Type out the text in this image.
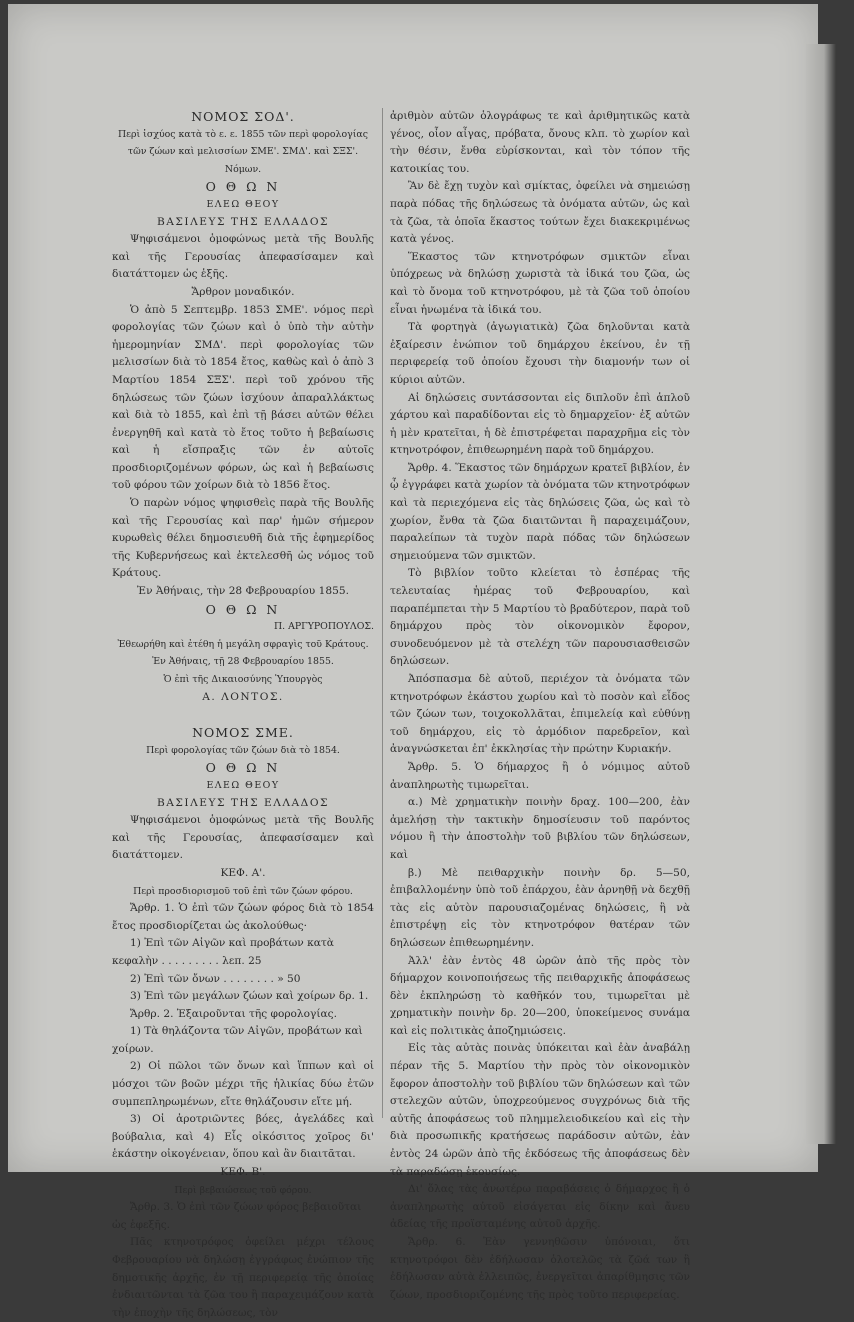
ΝΟΜΟΣ ΣΟΔ'.

Περὶ ἰσχύος κατὰ τὸ ε. ε. 1855 τῶν περὶ φορολογίας τῶν ζώων καὶ μελισσίων ΣΜΕ'. ΣΜΔ'. καὶ ΣΞΣ'. Νόμων.

Ο Θ Ω Ν

ΕΛΕΩ ΘΕΟΥ

ΒΑΣΙΛΕΥΣ ΤΗΣ ΕΛΛΑΔΟΣ

Ψηφισάμενοι ὁμοφώνως μετὰ τῆς Βουλῆς καὶ τῆς Γερουσίας ἀπεφασίσαμεν καὶ διατάττομεν ὡς ἑξῆς.

Ἄρθρον μοναδικόν.

Ὁ ἀπὸ 5 Σεπτεμβρ. 1853 ΣΜΕ'. νόμος περὶ φορολογίας τῶν ζώων καὶ ὁ ὑπὸ τὴν αὐτὴν ἡμερομηνίαν ΣΜΔ'. περὶ φορολογίας τῶν μελισσίων διὰ τὸ 1854 ἔτος, καθὼς καὶ ὁ ἀπὸ 3 Μαρτίου 1854 ΣΞΣ'. περὶ τοῦ χρόνου τῆς δηλώσεως τῶν ζώων ἰσχύουν ἀπαραλλάκτως καὶ διὰ τὸ 1855, καὶ ἐπὶ τῇ βάσει αὐτῶν θέλει ἐνεργηθῆ καὶ κατὰ τὸ ἔτος τοῦτο ἡ βεβαίωσις καὶ ἡ εἴσπραξις τῶν ἐν αὐτοῖς προσδιοριζομένων φόρων, ὡς καὶ ἡ βεβαίωσις τοῦ φόρου τῶν χοίρων διὰ τὸ 1856 ἔτος.

Ὁ παρὼν νόμος ψηφισθεὶς παρὰ τῆς Βουλῆς καὶ τῆς Γερουσίας καὶ παρ' ἡμῶν σήμερον κυρωθεὶς θέλει δημοσιευθῆ διὰ τῆς ἐφημερίδος τῆς Κυβερνήσεως καὶ ἐκτελεσθῆ ὡς νόμος τοῦ Κράτους.

Ἐν Ἀθήναις, τὴν 28 Φεβρουαρίου 1855.

Ο Θ Ω Ν

Π. ΑΡΓΥΡΟΠΟΥΛΟΣ.

Ἐθεωρήθη καὶ ἐτέθη ἡ μεγάλη σφραγὶς τοῦ Κράτους.

Ἐν Ἀθήναις, τῇ 28 Φεβρουαρίου 1855.

Ὁ ἐπὶ τῆς Δικαιοσύνης Ὑπουργὸς

Α. ΛΟΝΤΟΣ.

ΝΟΜΟΣ ΣΜΕ.

Περὶ φορολογίας τῶν ζώων διὰ τὸ 1854.

Ο Θ Ω Ν

ΕΛΕΩ ΘΕΟΥ

ΒΑΣΙΛΕΥΣ ΤΗΣ ΕΛΛΑΔΟΣ

Ψηφισάμενοι ὁμοφώνως μετὰ τῆς Βουλῆς καὶ τῆς Γερουσίας, ἀπεφασίσαμεν καὶ διατάττομεν.

ΚΕΦ. Α'.

Περὶ προσδιορισμοῦ τοῦ ἐπὶ τῶν ζώων φόρου.

Ἄρθρ. 1. Ὁ ἐπὶ τῶν ζώων φόρος διὰ τὸ 1854 ἔτος προσδιορίζεται ὡς ἀκολούθως·

1) Ἐπὶ τῶν Αἰγῶν καὶ προβάτων κατὰ κεφαλὴν . . . . . . . . . λεπ. 25

2) Ἐπὶ τῶν ὄνων . . . . . . . . » 50

3) Ἐπὶ τῶν μεγάλων ζώων καὶ χοίρων δρ. 1.

Ἄρθρ. 2. Ἐξαιροῦνται τῆς φορολογίας.

1) Τὰ θηλάζοντα τῶν Αἰγῶν, προβάτων καὶ χοίρων.

2) Οἱ πῶλοι τῶν ὄνων καὶ ἵππων καὶ οἱ μόσχοι τῶν βοῶν μέχρι τῆς ἡλικίας δύω ἐτῶν συμπεπληρωμένων, εἴτε θηλάζουσιν εἴτε μή.

3) Οἱ ἀροτριῶντες βόες, ἀγελάδες καὶ βούβαλια, καὶ 4) Εἷς οἰκόσιτος χοῖρος δι' ἑκάστην οἰκογένειαν, ὅπου καὶ ἂν διαιτᾶται.

ΚΕΦ. Β'.

Περὶ βεβαιώσεως τοῦ φόρου.

Ἄρθρ. 3. Ὁ ἐπὶ τῶν ζώων φόρος βεβαιοῦται ὡς ἑφεξῆς.

Πᾶς κτηνοτρόφος ὀφείλει μέχρι τέλους Φεβρουαρίου νὰ δηλώσῃ ἐγγράφως ἐνώπιον τῆς δημοτικῆς ἀρχῆς, ἐν τῇ περιφερείᾳ τῆς ὁποίας ἐνδιαιτῶνται τὰ ζῶα του ἢ παραχειμάζουν κατὰ τὴν ἐποχὴν τῆς δηλώσεως, τὸν

ἀριθμὸν αὐτῶν ὁλογράφως τε καὶ ἀριθμητικῶς κατὰ γένος, οἷον αἶγας, πρόβατα, ὄνους κλπ. τὸ χωρίον καὶ τὴν θέσιν, ἔνθα εὑρίσκονται, καὶ τὸν τόπον τῆς κατοικίας του.

Ἂν δὲ ἔχῃ τυχὸν καὶ σμίκτας, ὀφείλει νὰ σημειώσῃ παρὰ πόδας τῆς δηλώσεως τὰ ὀνόματα αὐτῶν, ὡς καὶ τὰ ζῶα, τὰ ὁποῖα ἕκαστος τούτων ἔχει διακεκριμένως κατὰ γένος.

Ἕκαστος τῶν κτηνοτρόφων σμικτῶν εἶναι ὑπόχρεως νὰ δηλώσῃ χωριστὰ τὰ ἰδικά του ζῶα, ὡς καὶ τὸ ὄνομα τοῦ κτηνοτρόφου, μὲ τὰ ζῶα τοῦ ὁποίου εἶναι ἡνωμένα τὰ ἰδικά του.

Τὰ φορτηγὰ (ἀγωγιατικὰ) ζῶα δηλοῦνται κατὰ ἐξαίρεσιν ἐνώπιον τοῦ δημάρχου ἐκείνου, ἐν τῇ περιφερείᾳ τοῦ ὁποίου ἔχουσι τὴν διαμονήν των οἱ κύριοι αὐτῶν.

Αἱ δηλώσεις συντάσσονται εἰς διπλοῦν ἐπὶ ἁπλοῦ χάρτου καὶ παραδίδονται εἰς τὸ δημαρχεῖον· ἐξ αὐτῶν ἡ μὲν κρατεῖται, ἡ δὲ ἐπιστρέφεται παραχρῆμα εἰς τὸν κτηνοτρόφον, ἐπιθεωρημένη παρὰ τοῦ δημάρχου.

Ἄρθρ. 4. Ἕκαστος τῶν δημάρχων κρατεῖ βιβλίον, ἐν ᾧ ἐγγράφει κατὰ χωρίον τὰ ὀνόματα τῶν κτηνοτρόφων καὶ τὰ περιεχόμενα εἰς τὰς δηλώσεις ζῶα, ὡς καὶ τὸ χωρίον, ἔνθα τὰ ζῶα διαιτῶνται ἢ παραχειμάζουν, παραλείπων τὰ τυχὸν παρὰ πόδας τῶν δηλώσεων σημειούμενα τῶν σμικτῶν.

Τὸ βιβλίον τοῦτο κλείεται τὸ ἑσπέρας τῆς τελευταίας ἡμέρας τοῦ Φεβρουαρίου, καὶ παραπέμπεται τὴν 5 Μαρτίου τὸ βραδύτερον, παρὰ τοῦ δημάρχου πρὸς τὸν οἰκονομικὸν ἔφορον, συνοδευόμενον μὲ τὰ στελέχη τῶν παρουσιασθεισῶν δηλώσεων.

Ἀπόσπασμα δὲ αὐτοῦ, περιέχον τὰ ὀνόματα τῶν κτηνοτρόφων ἑκάστου χωρίου καὶ τὸ ποσὸν καὶ εἶδος τῶν ζώων των, τοιχοκολλᾶται, ἐπιμελείᾳ καὶ εὐθύνῃ τοῦ δημάρχου, εἰς τὸ ἁρμόδιον παρεδρεῖον, καὶ ἀναγνώσκεται ἐπ' ἐκκλησίας τὴν πρώτην Κυριακήν.

Ἄρθρ. 5. Ὁ δήμαρχος ἢ ὁ νόμιμος αὐτοῦ ἀναπληρωτὴς τιμωρεῖται.

α.) Μὲ χρηματικὴν ποινὴν δραχ. 100—200, ἐὰν ἀμελήσῃ τὴν τακτικὴν δημοσίευσιν τοῦ παρόντος νόμου ἢ τὴν ἀποστολὴν τοῦ βιβλίου τῶν δηλώσεων, καὶ

β.) Μὲ πειθαρχικὴν ποινὴν δρ. 5—50, ἐπιβαλλομένην ὑπὸ τοῦ ἐπάρχου, ἐὰν ἀρνηθῇ νὰ δεχθῇ τὰς εἰς αὐτὸν παρουσιαζομένας δηλώσεις, ἢ νὰ ἐπιστρέψῃ εἰς τὸν κτηνοτρόφον θατέραν τῶν δηλώσεων ἐπιθεωρημένην.

Ἀλλ' ἐὰν ἐντὸς 48 ὡρῶν ἀπὸ τῆς πρὸς τὸν δήμαρχον κοινοποιήσεως τῆς πειθαρχικῆς ἀποφάσεως δὲν ἐκπληρώσῃ τὸ καθῆκόν του, τιμωρεῖται μὲ χρηματικὴν ποινὴν δρ. 20—200, ὑποκείμενος συνάμα καὶ εἰς πολιτικὰς ἀποζημιώσεις.

Εἰς τὰς αὐτὰς ποινὰς ὑπόκειται καὶ ἐὰν ἀναβάλῃ πέραν τῆς 5. Μαρτίου τὴν πρὸς τὸν οἰκονομικὸν ἔφορον ἀποστολὴν τοῦ βιβλίου τῶν δηλώσεων καὶ τῶν στελεχῶν αὐτῶν, ὑποχρεούμενος συγχρόνως διὰ τῆς αὐτῆς ἀποφάσεως τοῦ πλημμελειοδικείου καὶ εἰς τὴν διὰ προσωπικῆς κρατήσεως παράδοσιν αὐτῶν, ἐὰν ἐντὸς 24 ὡρῶν ἀπὸ τῆς ἐκδόσεως τῆς ἀποφάσεως δὲν τὰ παραδώσῃ ἑκουσίως.

Δι' ὅλας τὰς ἀνωτέρω παραβάσεις ὁ δήμαρχος ἢ ὁ ἀναπληρωτὴς αὐτοῦ εἰσάγεται εἰς δίκην καὶ ἄνευ ἀδείας τῆς προϊσταμένης αὐτοῦ ἀρχῆς.

Ἄρθρ. 6. Ἐὰν γεννηθῶσιν ὑπόνοιαι, ὅτι κτηνοτρόφοι δὲν ἐδήλωσαν ὁλοτελῶς τὰ ζῶά των ἢ ἐδήλωσαν αὐτὰ ἐλλειπῶς, ἐνεργεῖται ἀπαρίθμησις τῶν ζώων, προσδιοριζομένης τῆς πρὸς τοῦτο περιφερείας.
